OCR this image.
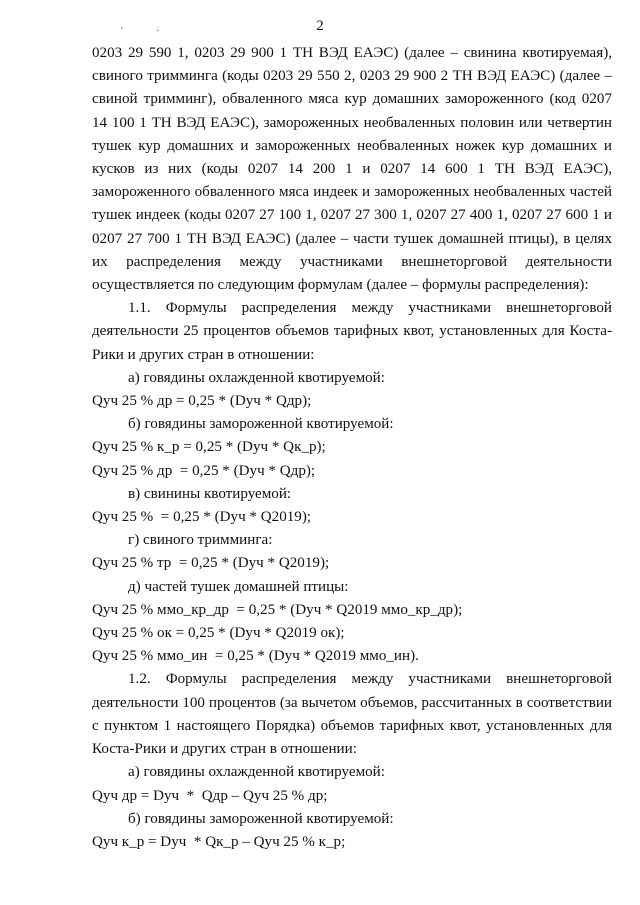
'	·	2

0203 29 590 1, 0203 29 900 1 ТН ВЭД ЕАЭС) (далее – свинина квотируемая), свиного тримминга (коды 0203 29 550 2, 0203 29 900 2 ТН ВЭД ЕАЭС) (далее – свиной тримминг), обваленного мяса кур домашних замороженного (код 0207 14 100 1 ТН ВЭД ЕАЭС), замороженных необваленных половин или четвертин тушек кур домашних и замороженных необваленных ножек кур домашних и кусков из них (коды 0207 14 200 1 и 0207 14 600 1 ТН ВЭД ЕАЭС), замороженного обваленного мяса индеек и замороженных необваленных частей тушек индеек (коды 0207 27 100 1, 0207 27 300 1, 0207 27 400 1, 0207 27 600 1 и 0207 27 700 1 ТН ВЭД ЕАЭС) (далее – части тушек домашней птицы), в целях их распределения между участниками внешнеторговой деятельности осуществляется по следующим формулам (далее – формулы распределения):

1.1. Формулы распределения между участниками внешнеторговой деятельности 25 процентов объемов тарифных квот, установленных для Коста-Рики и других стран в отношении:

а) говядины охлажденной квотируемой:

Qуч 25 % др = 0,25 * (Dуч * Qдр);

б) говядины замороженной квотируемой:

Qуч 25 % к_р = 0,25 * (Dуч * Qк_р);

Qуч 25 % др  = 0,25 * (Dуч * Qдр);

в) свинины квотируемой:

Qуч 25 %  = 0,25 * (Dуч * Q2019);

г) свиного тримминга:

Qуч 25 % тр  = 0,25 * (Dуч * Q2019);

д) частей тушек домашней птицы:

Qуч 25 % ммо_кр_др  = 0,25 * (Dуч * Q2019 ммо_кр_др);

Qуч 25 % ок = 0,25 * (Dуч * Q2019 ок);

Qуч 25 % ммо_ин  = 0,25 * (Dуч * Q2019 ммо_ин).

1.2. Формулы распределения между участниками внешнеторговой деятельности 100 процентов (за вычетом объемов, рассчитанных в соответствии с пунктом 1 настоящего Порядка) объемов тарифных квот, установленных для Коста-Рики и других стран в отношении:

а) говядины охлажденной квотируемой:

Qуч др = Dуч  *  Qдр – Qуч 25 % др;

б) говядины замороженной квотируемой:

Qуч к_р = Dуч  * Qк_р – Qуч 25 % к_р;
